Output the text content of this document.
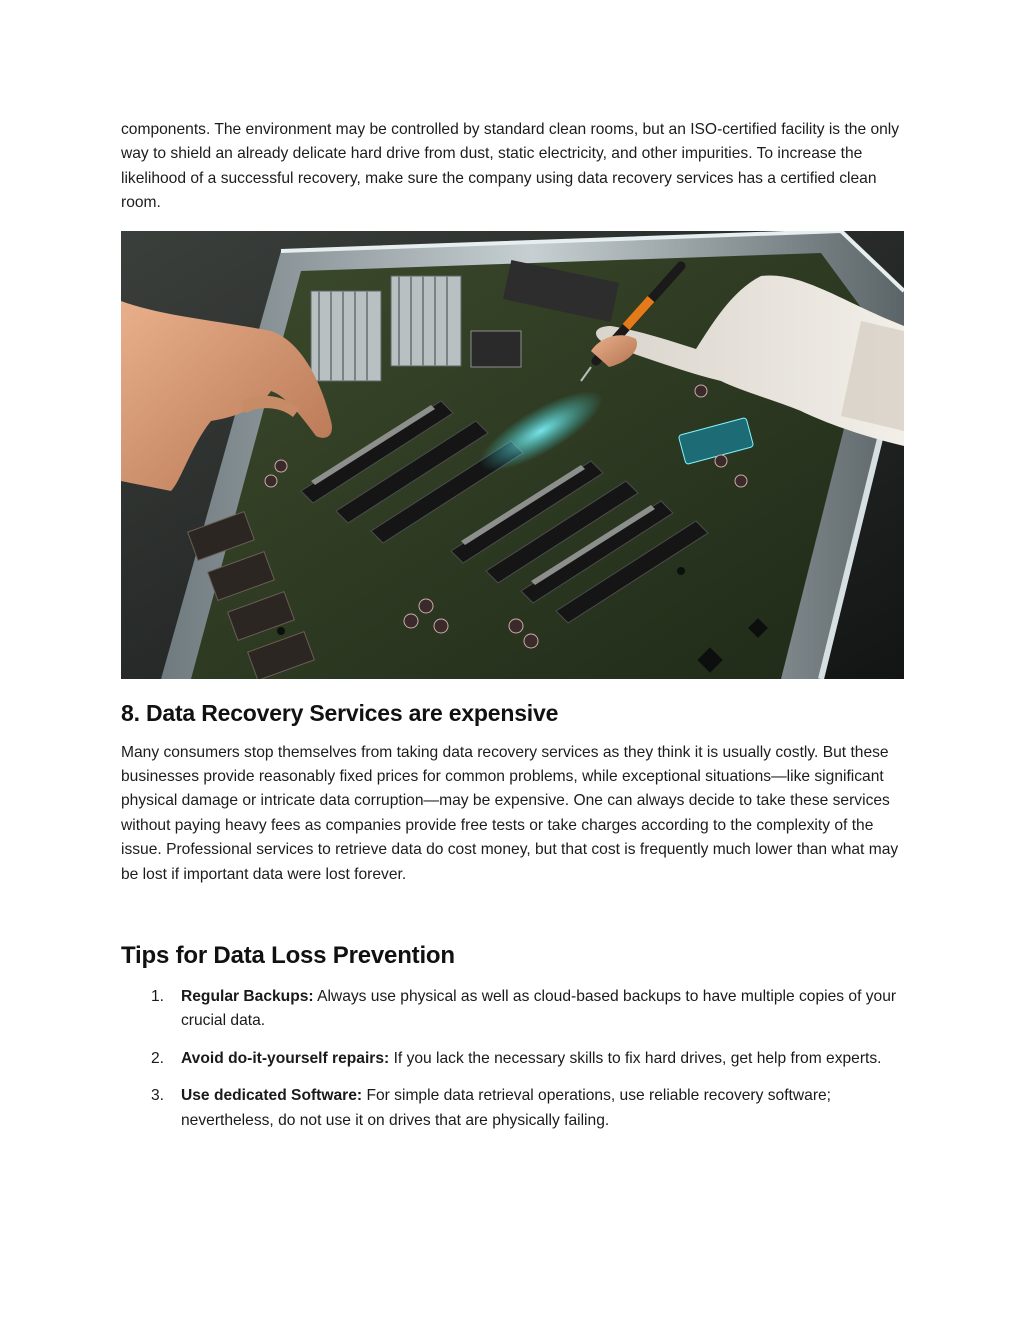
components. The environment may be controlled by standard clean rooms, but an ISO-certified facility is the only way to shield an already delicate hard drive from dust, static electricity, and other impurities. To increase the likelihood of a successful recovery, make sure the company using data recovery services has a certified clean room.

8. Data Recovery Services are expensive

Many consumers stop themselves from taking data recovery services as they think it is usually costly. But these businesses provide reasonably fixed prices for common problems, while exceptional situations—like significant physical damage or intricate data corruption—may be expensive. One can always decide to take these services without paying heavy fees as companies provide free tests or take charges according to the complexity of the issue. Professional services to retrieve data do cost money, but that cost is frequently much lower than what may be lost if important data were lost forever.

Tips for Data Loss Prevention
1. Regular Backups: Always use physical as well as cloud-based backups to have multiple copies of your crucial data.
2. Avoid do-it-yourself repairs: If you lack the necessary skills to fix hard drives, get help from experts.
3. Use dedicated Software: For simple data retrieval operations, use reliable recovery software; nevertheless, do not use it on drives that are physically failing.
